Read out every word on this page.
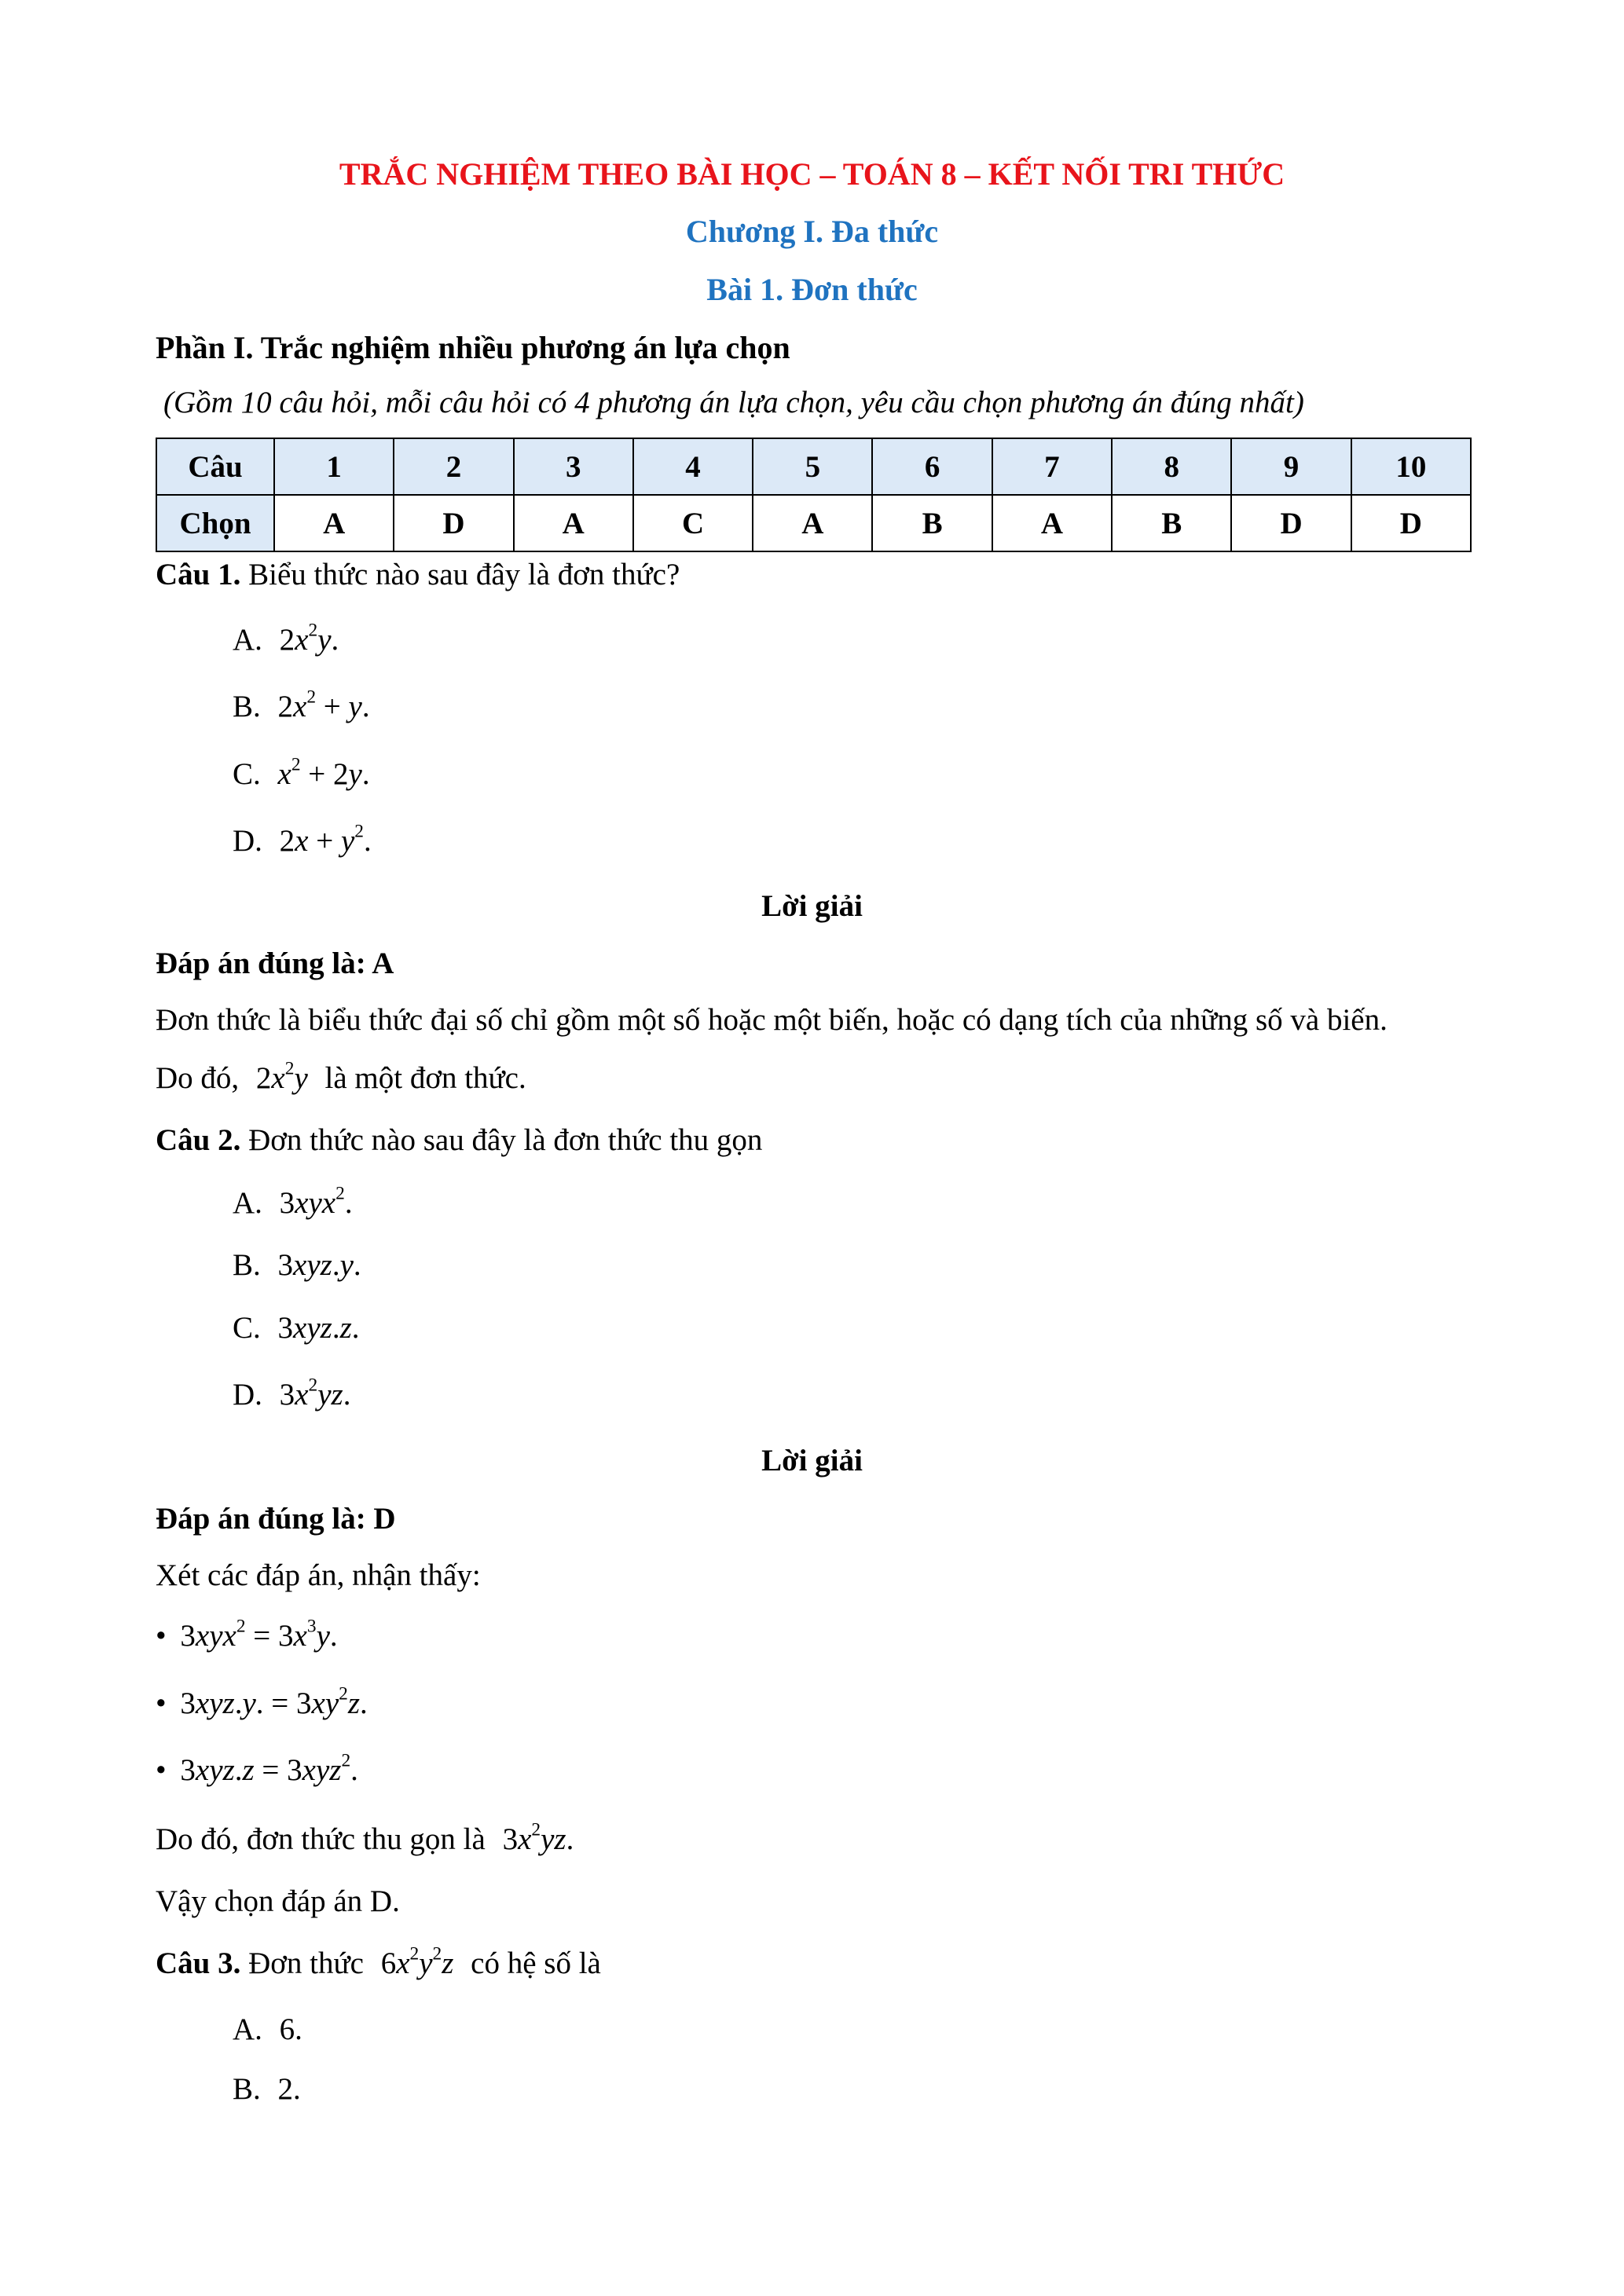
TRẮC NGHIỆM THEO BÀI HỌC – TOÁN 8 – KẾT NỐI TRI THỨC
Chương I. Đa thức
Bài 1. Đơn thức
Phần I. Trắc nghiệm nhiều phương án lựa chọn
(Gồm 10 câu hỏi, mỗi câu hỏi có 4 phương án lựa chọn, yêu cầu chọn phương án đúng nhất)
Câu	1	2	3	4	5	6	7	8	9	10
Chọn	A	D	A	C	A	B	A	B	D	D
Câu 1. Biểu thức nào sau đây là đơn thức?
A. $2x^2y$.
B. $2x^2 + y$.
C. $x^2 + 2y$.
D. $2x + y^2$.
Lời giải
Đáp án đúng là: A
Đơn thức là biểu thức đại số chỉ gồm một số hoặc một biến, hoặc có dạng tích của những số và biến.
Do đó, $2x^2y$ là một đơn thức.
Câu 2. Đơn thức nào sau đây là đơn thức thu gọn
A. 3xyx$^2$.
B. 3xyz.y.
C. 3xyz.z.
D. $3x^2yz$.
Lời giải
Đáp án đúng là: D
Xét các đáp án, nhận thấy:
• $3xyx^2 = 3x^3y$.
• 3xyz.y. = $3xy^2z$.
• 3xyz.z = 3xyz$^2$.
Do đó, đơn thức thu gọn là $3x^2yz$.
Vậy chọn đáp án D.
Câu 3. Đơn thức $6x^2y^2z$ có hệ số là
A. 6.
B. 2.
